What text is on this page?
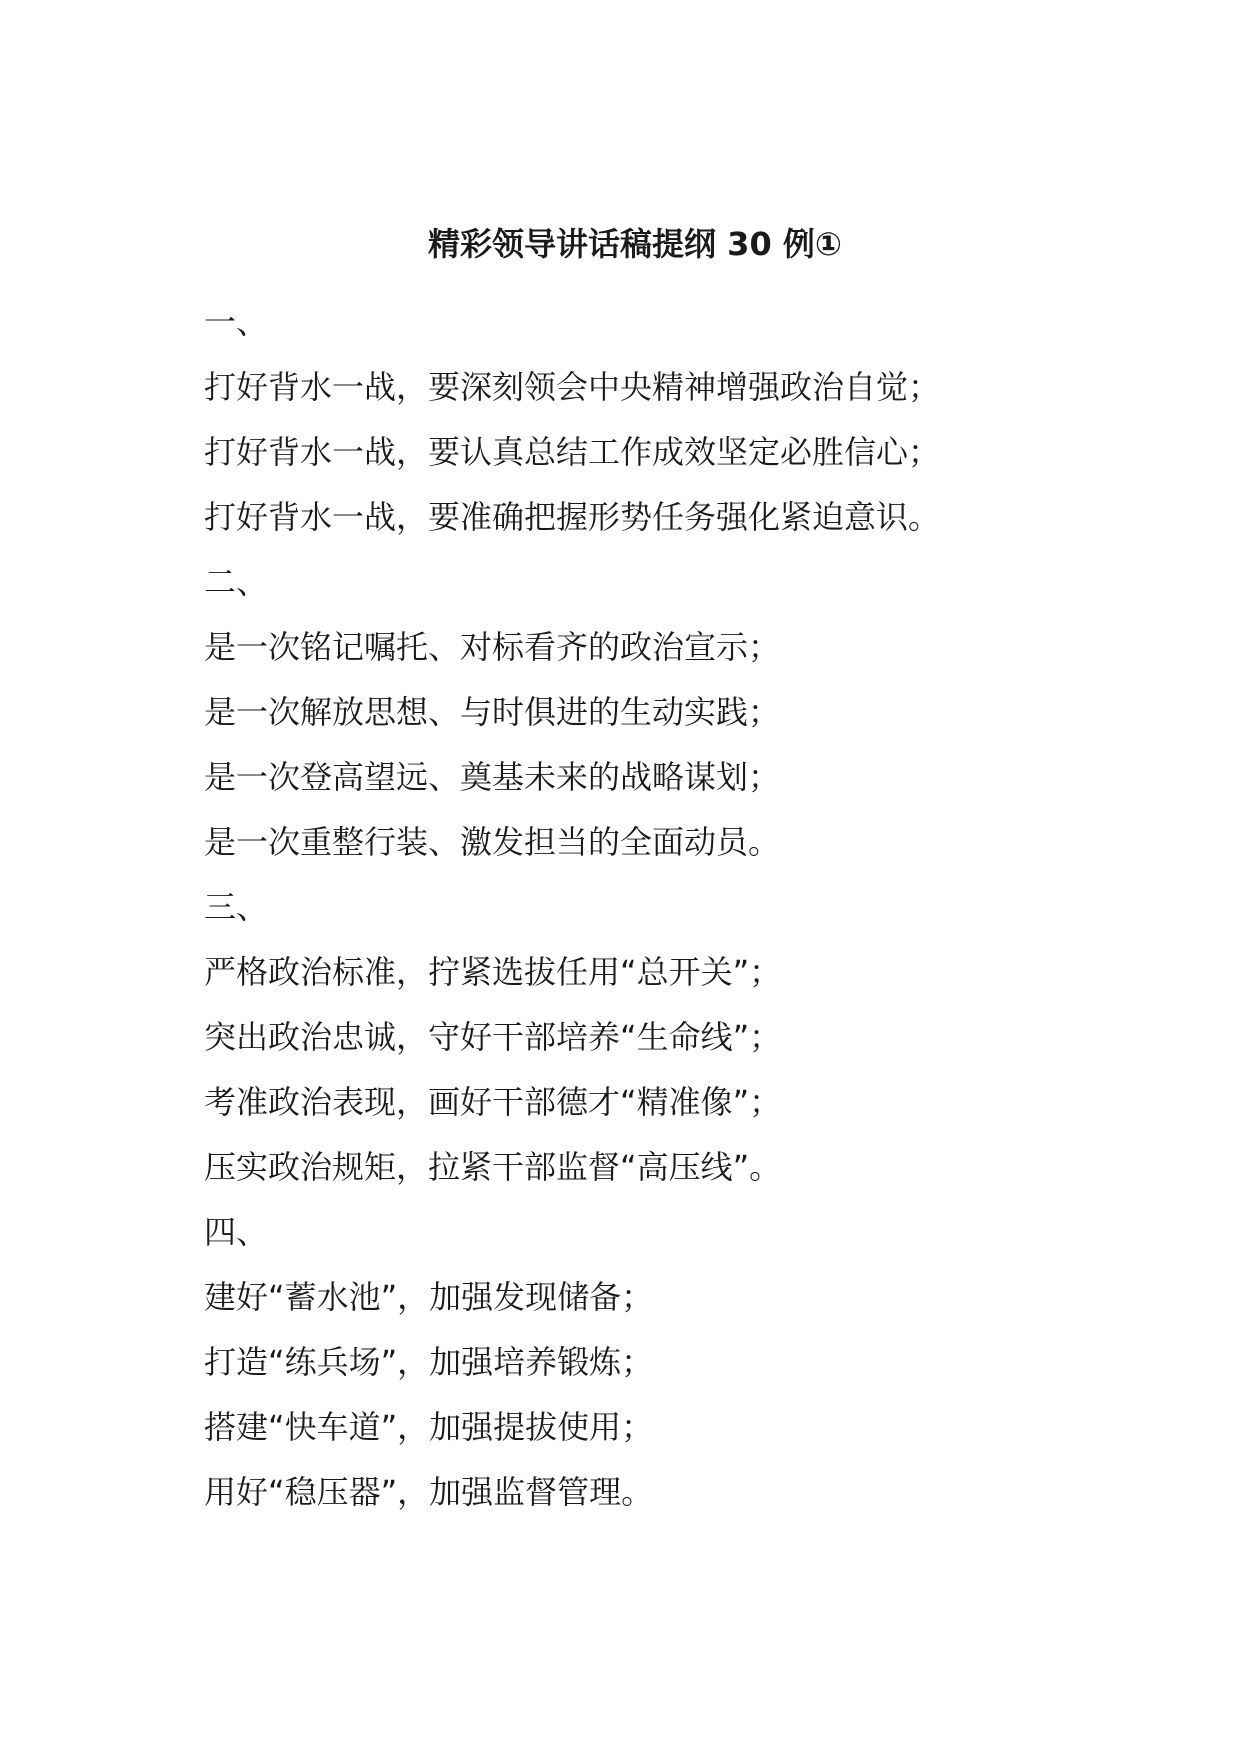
精彩领导讲话稿提纲 30 例①
一、
打好背水一战，要深刻领会中央精神增强政治自觉；
打好背水一战，要认真总结工作成效坚定必胜信心；
打好背水一战，要准确把握形势任务强化紧迫意识。
二、
是一次铭记嘱托、对标看齐的政治宣示；
是一次解放思想、与时俱进的生动实践；
是一次登高望远、奠基未来的战略谋划；
是一次重整行装、激发担当的全面动员。
三、
严格政治标准，拧紧选拔任用“总开关”；
突出政治忠诚，守好干部培养“生命线”；
考准政治表现，画好干部德才“精准像”；
压实政治规矩，拉紧干部监督“高压线”。
四、
建好“蓄水池”，加强发现储备；
打造“练兵场”，加强培养锻炼；
搭建“快车道”，加强提拔使用；
用好“稳压器”，加强监督管理。
